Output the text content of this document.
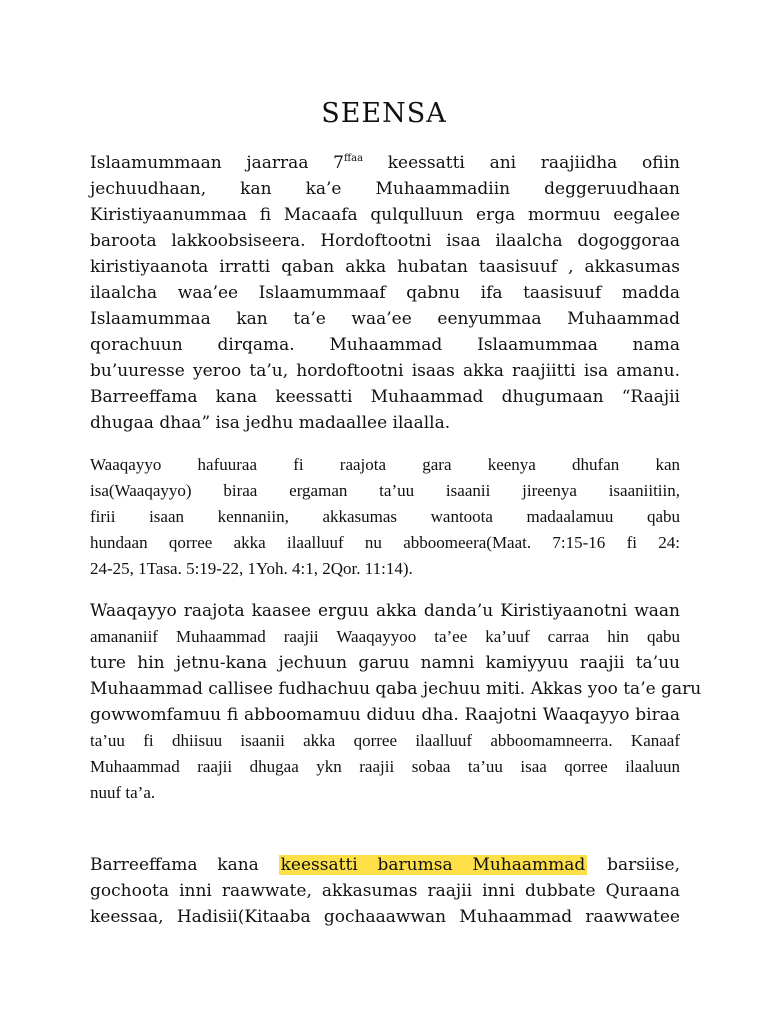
SEENSA
Islaamummaan jaarraa $7^{ffaa}$ keessatti ani raajiidha ofiin
jechuudhaan, kan ka’e Muhaammadiin deggeruudhaan
Kiristiyaanummaa fi Macaafa qulqulluun erga mormuu eegalee
baroota lakkoobsiseera. Hordoftootni isaa ilaalcha dogoggoraa
kiristiyaanota irratti qaban akka hubatan taasisuuf , akkasumas
ilaalcha waa’ee Islaamummaaf qabnu ifa taasisuuf madda
Islaamummaa kan ta’e waa’ee eenyummaa Muhaammad
qorachuun dirqama. Muhaammad Islaamummaa nama
bu’uuresse yeroo ta’u, hordoftootni isaas akka raajiitti isa amanu.
Barreeffama kana keessatti Muhaammad dhugumaan “Raajii
dhugaa dhaa” isa jedhu madaallee ilaalla.
Waaqayyo hafuuraa fi raajota gara keenya dhufan kan
isa(Waaqayyo) biraa ergaman ta’uu isaanii jireenya isaaniitiin,
firii isaan kennaniin, akkasumas wantoota madaalamuu qabu
hundaan qorree akka ilaalluuf nu abboomeera(Maat. 7:15-16 fi 24:
24-25, 1Tasa. 5:19-22, 1Yoh. 4:1, 2Qor. 11:14).
Waaqayyo raajota kaasee erguu akka danda’u Kiristiyaanotni waan
amananiif Muhaammad raajii Waaqayyoo ta’ee ka’uuf carraa hin qabu
ture hin jetnu-kana jechuun garuu namni kamiyyuu raajii ta’uu
Muhaammad callisee fudhachuu qaba jechuu miti. Akkas yoo ta’e garu
gowwomfamuu fi abboomamuu diduu dha. Raajotni Waaqayyo biraa
ta’uu fi dhiisuu isaanii akka qorree ilaalluuf abboomamneerra. Kanaaf
Muhaammad raajii dhugaa ykn raajii sobaa ta’uu isaa qorree ilaaluun
nuuf ta’a.
Barreeffama kana keessatti barumsa Muhaammad barsiise,
gochoota inni raawwate, akkasumas raajii inni dubbate Quraana
keessaa, Hadisii(Kitaaba gochaaawwan Muhaammad raawwatee
